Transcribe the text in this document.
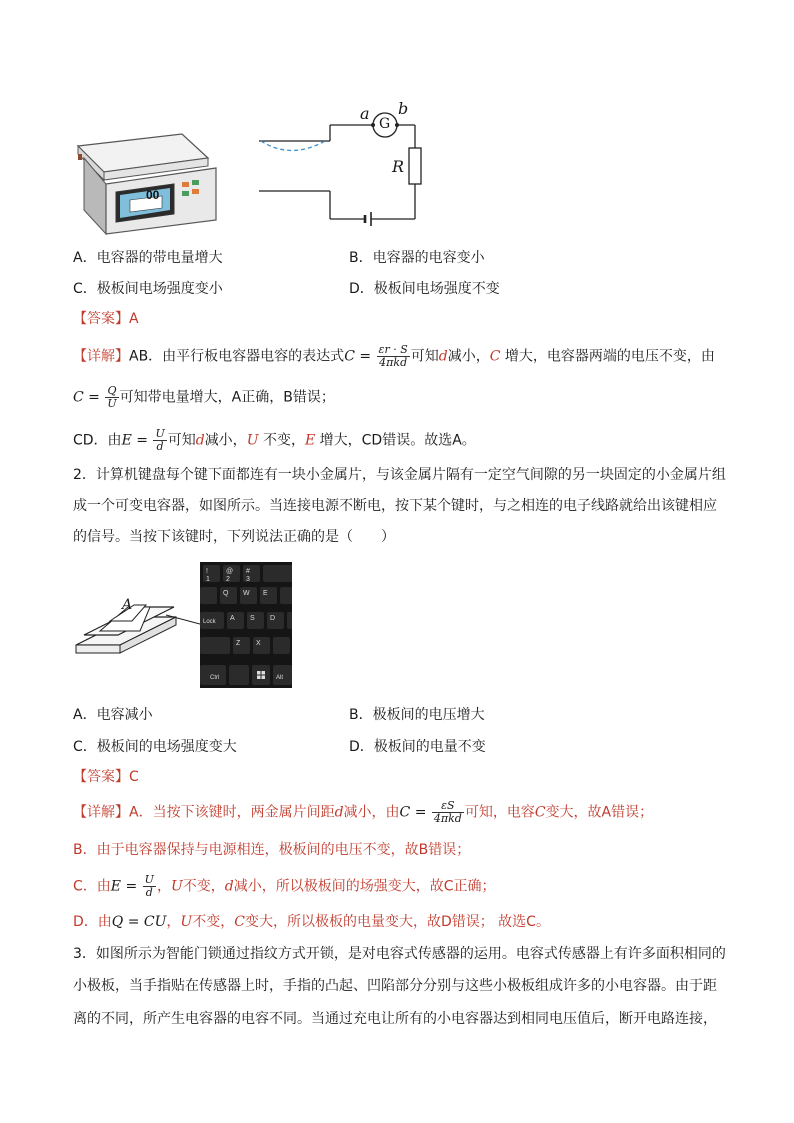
00
a b
G
R
A．电容器的带电量增大	B．电容器的电容变小
C．极板间电场强度变小	D．极板间电场强度不变
【答案】A
【详解】AB．由平行板电容器电容的表达式$C = \frac{\varepsilon r \cdot S}{\text{4πkd}}$ 可知d减小，C 增大，电容器两端的电压不变，由
$C = \frac{Q}{U}$ 可知带电量增大，A正确，B错误；
CD．由$E = \frac{U}{d}$ 可知d减小，U 不变，E 增大，CD错误。故选A。
2．计算机键盘每个键下面都连有一块小金属片，与该金属片隔有一定空气间隙的另一块固定的小金属片组
成一个可变电容器，如图所示。当连接电源不断电，按下某个键时，与之相连的电子线路就给出该键相应
的信号。当按下该键时，下列说法正确的是（　　）
A
!
1
@
2
#
3
Q W E
Lock A S D
Z X
Ctrl	Alt
A．电容减小	B．极板间的电压增大
C．极板间的电场强度变大	D．极板间的电量不变
【答案】C
【详解】A．当按下该键时，两金属片间距d减小，由$C = \frac{\varepsilon S}{\text{4πkd}}$ 可知，电容C变大，故A错误；
B．由于电容器保持与电源相连，极板间的电压不变，故B错误；
C．由$E = \frac{U}{d}$ ，U不变，d减小，所以极板间的场强变大，故C正确；
D．由Q = CU，U不变，C变大，所以极板的电量变大，故D错误； 故选C。
3．如图所示为智能门锁通过指纹方式开锁，是对电容式传感器的运用。电容式传感器上有许多面积相同的
小极板，当手指贴在传感器上时，手指的凸起、凹陷部分分别与这些小极板组成许多的小电容器。由于距
离的不同，所产生电容器的电容不同。当通过充电让所有的小电容器达到相同电压值后，断开电路连接，
